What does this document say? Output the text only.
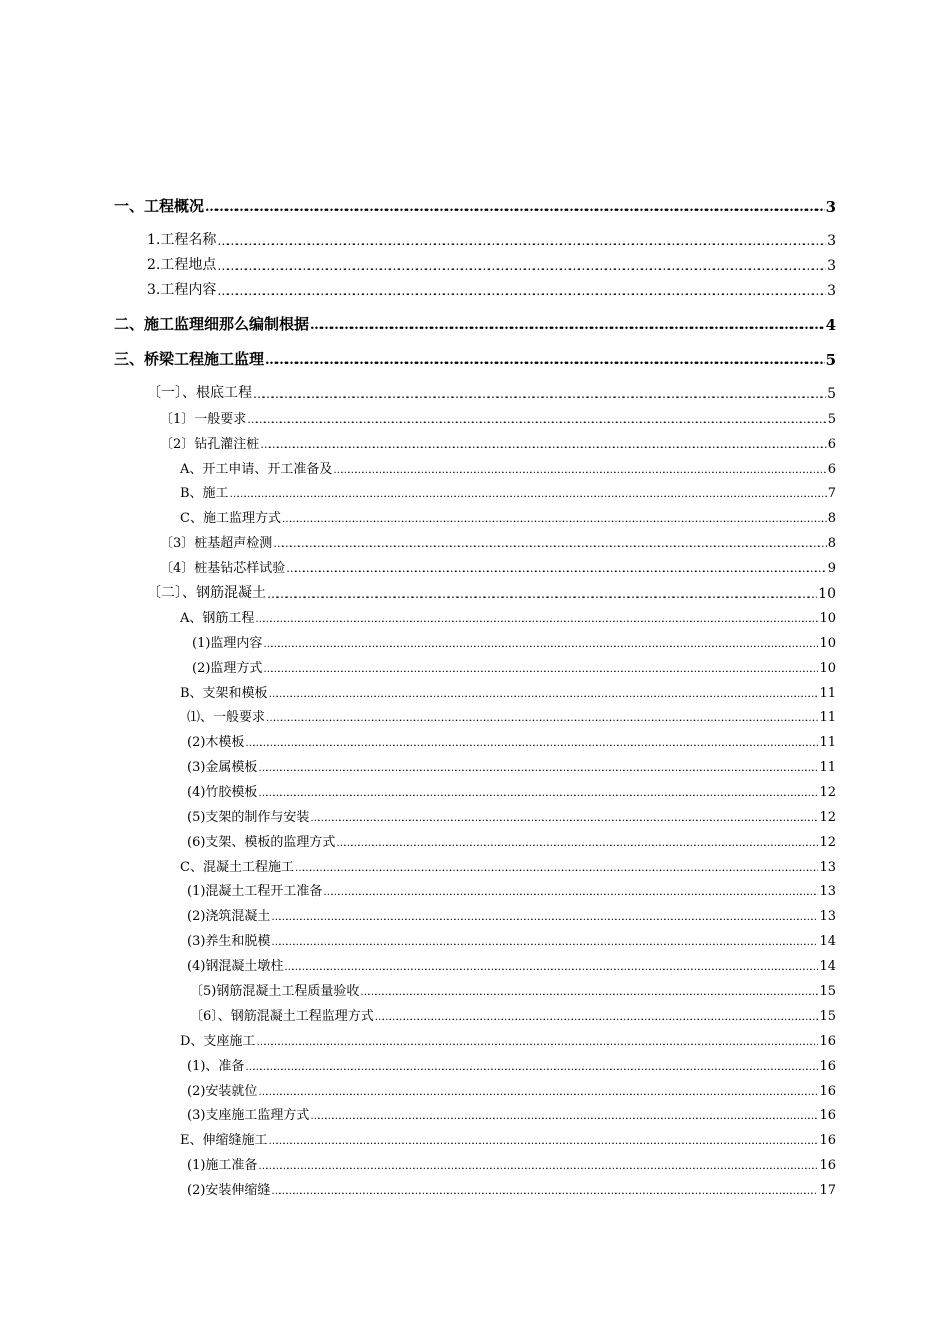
一、工程概况 …………………………………………………………………………………………………………………………………………………………………………………………………………………………………………………………………………………………………………………	3
1.工程名称 …………………………………………………………………………………………………………………………………………………………………………………………………………………………………………………………………………………………………………………	3
2.工程地点 …………………………………………………………………………………………………………………………………………………………………………………………………………………………………………………………………………………………………………………	3
3.工程内容 …………………………………………………………………………………………………………………………………………………………………………………………………………………………………………………………………………………………………………………	3
二、施工监理细那么编制根据 …………………………………………………………………………………………………………………………………………………………………………………………………………………………………………………………………………………………………………………	4
三、桥梁工程施工监理 …………………………………………………………………………………………………………………………………………………………………………………………………………………………………………………………………………………………………………………	5
〔一〕、根底工程 …………………………………………………………………………………………………………………………………………………………………………………………………………………………………………………………………………………………………………………	5
〔1〕一般要求 …………………………………………………………………………………………………………………………………………………………………………………………………………………………………………………………………………………………………………………	5
〔2〕钻孔灌注桩 …………………………………………………………………………………………………………………………………………………………………………………………………………………………………………………………………………………………………………………	6
A、开工申请、开工准备及 …………………………………………………………………………………………………………………………………………………………………………………………………………………………………………………………………………………………………………………	6
B、施工 …………………………………………………………………………………………………………………………………………………………………………………………………………………………………………………………………………………………………………………	7
C、施工监理方式 …………………………………………………………………………………………………………………………………………………………………………………………………………………………………………………………………………………………………………………	8
〔3〕桩基超声检测 …………………………………………………………………………………………………………………………………………………………………………………………………………………………………………………………………………………………………………………	8
〔4〕桩基钻芯样试验 …………………………………………………………………………………………………………………………………………………………………………………………………………………………………………………………………………………………………………………	9
〔二〕、钢筋混凝土 …………………………………………………………………………………………………………………………………………………………………………………………………………………………………………………………………………………………………………………	10
A、钢筋工程 …………………………………………………………………………………………………………………………………………………………………………………………………………………………………………………………………………………………………………………	10
(1)监理内容 …………………………………………………………………………………………………………………………………………………………………………………………………………………………………………………………………………………………………………………	10
(2)监理方式 …………………………………………………………………………………………………………………………………………………………………………………………………………………………………………………………………………………………………………………	10
B、支架和模板 …………………………………………………………………………………………………………………………………………………………………………………………………………………………………………………………………………………………………………………	11
⑴、一般要求 …………………………………………………………………………………………………………………………………………………………………………………………………………………………………………………………………………………………………………………	11
(2)木模板 …………………………………………………………………………………………………………………………………………………………………………………………………………………………………………………………………………………………………………………	11
(3)金属模板 …………………………………………………………………………………………………………………………………………………………………………………………………………………………………………………………………………………………………………………	11
(4)竹胶模板 …………………………………………………………………………………………………………………………………………………………………………………………………………………………………………………………………………………………………………………	12
(5)支架的制作与安装 …………………………………………………………………………………………………………………………………………………………………………………………………………………………………………………………………………………………………………………	12
(6)支架、模板的监理方式 …………………………………………………………………………………………………………………………………………………………………………………………………………………………………………………………………………………………………………………	12
C、混凝土工程施工 …………………………………………………………………………………………………………………………………………………………………………………………………………………………………………………………………………………………………………………	13
(1)混凝土工程开工准备 …………………………………………………………………………………………………………………………………………………………………………………………………………………………………………………………………………………………………………………	13
(2)浇筑混凝土 …………………………………………………………………………………………………………………………………………………………………………………………………………………………………………………………………………………………………………………	13
(3)养生和脱模 …………………………………………………………………………………………………………………………………………………………………………………………………………………………………………………………………………………………………………………	14
(4)钢混凝土墩柱 …………………………………………………………………………………………………………………………………………………………………………………………………………………………………………………………………………………………………………………	14
〔5)钢筋混凝土工程质量验收 …………………………………………………………………………………………………………………………………………………………………………………………………………………………………………………………………………………………………………………	15
〔6〕、钢筋混凝土工程监理方式 …………………………………………………………………………………………………………………………………………………………………………………………………………………………………………………………………………………………………………………	15
D、支座施工 …………………………………………………………………………………………………………………………………………………………………………………………………………………………………………………………………………………………………………………	16
(1)、准备 …………………………………………………………………………………………………………………………………………………………………………………………………………………………………………………………………………………………………………………	16
(2)安装就位 …………………………………………………………………………………………………………………………………………………………………………………………………………………………………………………………………………………………………………………	16
(3)支座施工监理方式 …………………………………………………………………………………………………………………………………………………………………………………………………………………………………………………………………………………………………………………	16
E、伸缩缝施工 …………………………………………………………………………………………………………………………………………………………………………………………………………………………………………………………………………………………………………………	16
(1)施工准备 …………………………………………………………………………………………………………………………………………………………………………………………………………………………………………………………………………………………………………………	16
(2)安装伸缩缝 …………………………………………………………………………………………………………………………………………………………………………………………………………………………………………………………………………………………………………………	17
